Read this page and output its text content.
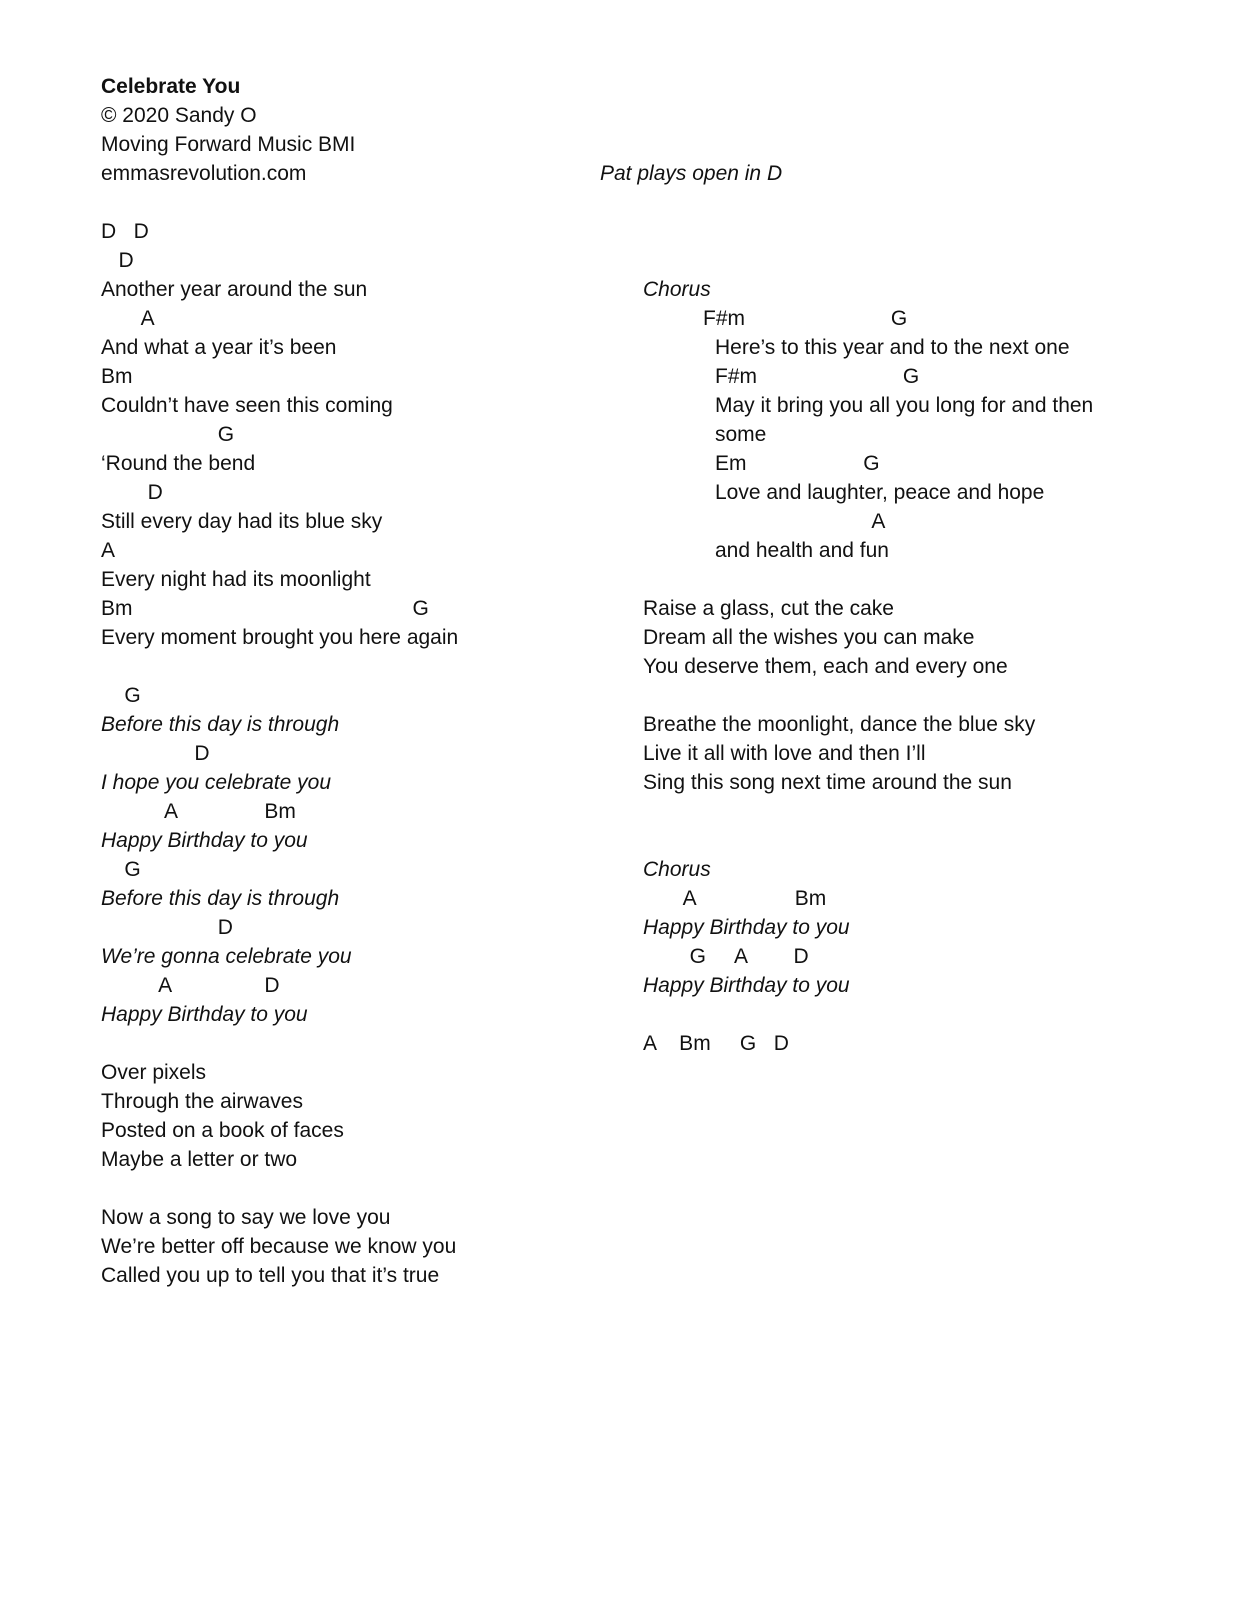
Celebrate You
© 2020 Sandy O
Moving Forward Music BMI
emmasrevolution.com
D   D
D
Another year around the sun
A
And what a year it’s been
Bm
Couldn’t have seen this coming
G
‘Round the bend
D
Still every day had its blue sky
A
Every night had its moonlight
Bm                                                G
Every moment brought you here again
G
Before this day is through
D
I hope you celebrate you
A               Bm
Happy Birthday to you
G
Before this day is through
D
We’re gonna celebrate you
A                D
Happy Birthday to you
Over pixels
Through the airwaves
Posted on a book of faces
Maybe a letter or two
Now a song to say we love you
We’re better off because we know you
Called you up to tell you that it’s true
Pat plays open in D
Chorus
F#m                         G
Here’s to this year and to the next one
F#m                         G
May it bring you all you long for and then
some
Em                    G
Love and laughter, peace and hope
A
and health and fun
Raise a glass, cut the cake
Dream all the wishes you can make
You deserve them, each and every one
Breathe the moonlight, dance the blue sky
Live it all with love and then I’ll
Sing this song next time around the sun
Chorus
A                 Bm
Happy Birthday to you
G     A        D
Happy Birthday to you
A    Bm     G   D
